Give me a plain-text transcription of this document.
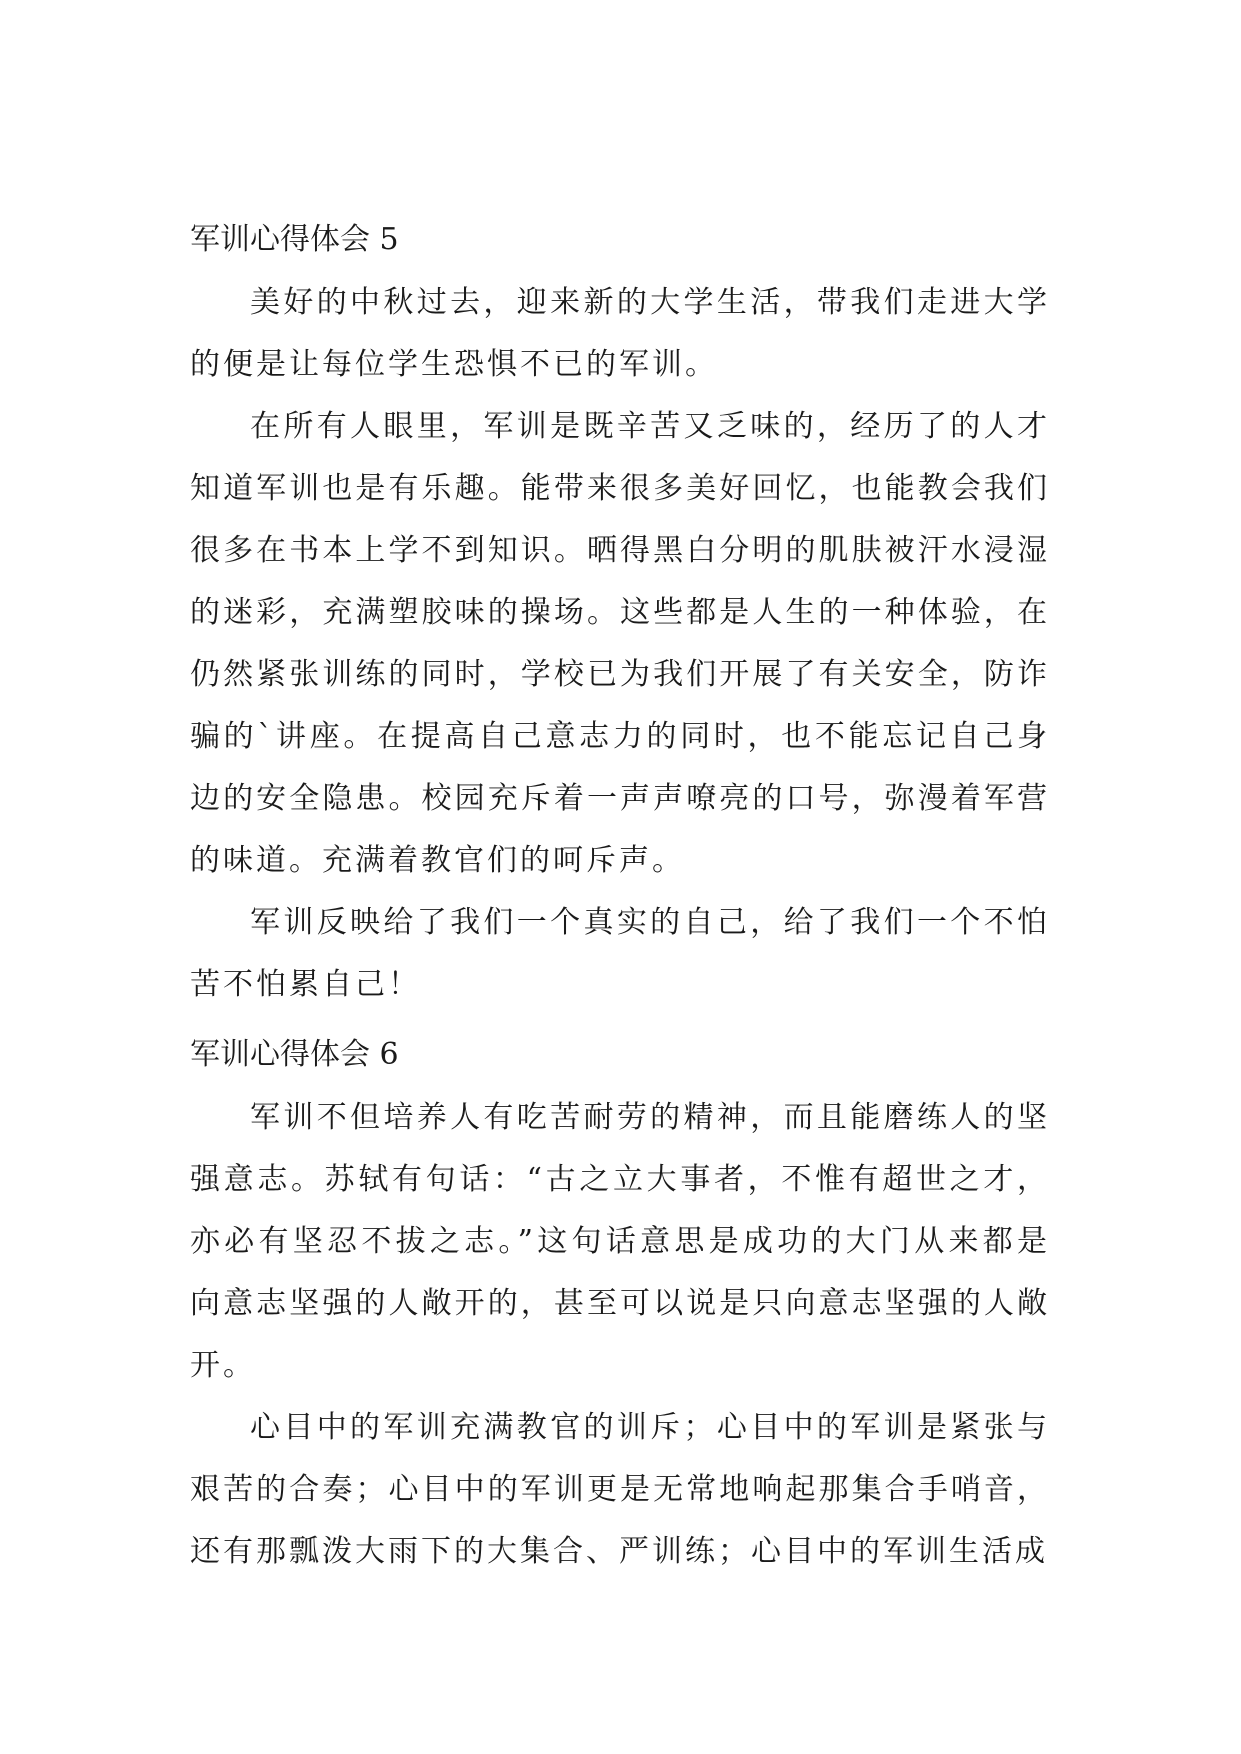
军训心得体会 5

美好的中秋过去，迎来新的大学生活，带我们走进大学的便是让每位学生恐惧不已的军训。

在所有人眼里，军训是既辛苦又乏味的，经历了的人才知道军训也是有乐趣。能带来很多美好回忆，也能教会我们很多在书本上学不到知识。晒得黑白分明的肌肤被汗水浸湿的迷彩，充满塑胶味的操场。这些都是人生的一种体验，在仍然紧张训练的同时，学校已为我们开展了有关安全，防诈骗的`讲座。在提高自己意志力的同时，也不能忘记自己身边的安全隐患。校园充斥着一声声嘹亮的口号，弥漫着军营的味道。充满着教官们的呵斥声。

军训反映给了我们一个真实的自己，给了我们一个不怕苦不怕累自己！

军训心得体会 6

军训不但培养人有吃苦耐劳的精神，而且能磨练人的坚强意志。苏轼有句话：“古之立大事者，不惟有超世之才，亦必有坚忍不拔之志。”这句话意思是成功的大门从来都是向意志坚强的人敞开的，甚至可以说是只向意志坚强的人敞开。

心目中的军训充满教官的训斥；心目中的军训是紧张与艰苦的合奏；心目中的军训更是无常地响起那集合手哨音，还有那瓢泼大雨下的大集合、严训练；心目中的军训生活成
